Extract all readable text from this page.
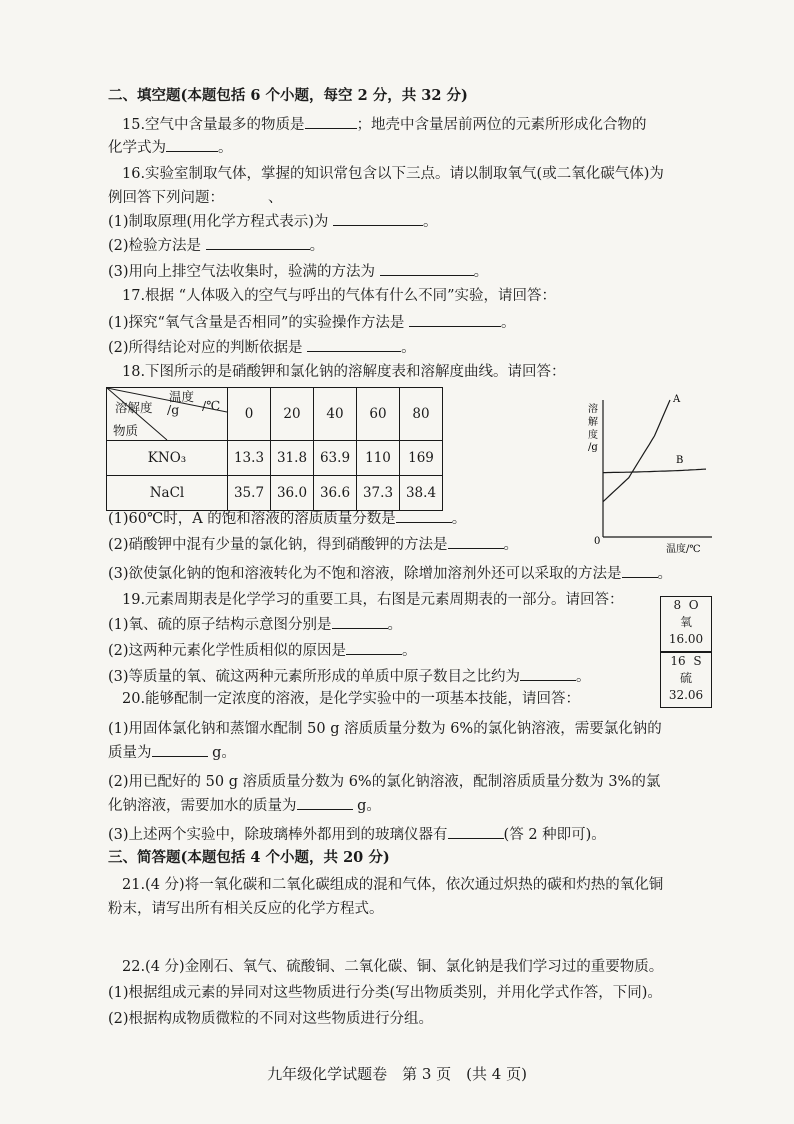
二、填空题(本题包括 6 个小题，每空 2 分，共 32 分)
15.空气中含量最多的物质是	；地壳中含量居前两位的元素所形成化合物的
化学式为	。
16.实验室制取气体，掌握的知识常包含以下三点。请以制取氧气(或二氧化碳气体)为
例回答下列问题：	、
(1)制取原理(用化学方程式表示)为	。
(2)检验方法是	。
(3)用向上排空气法收集时，验满的方法为	。
17.根据 “人体吸入的空气与呼出的气体有什么不同”实验，请回答：
(1)探究“氧气含量是否相同”的实验操作方法是	。
(2)所得结论对应的判断依据是	。
18.下图所示的是硝酸钾和氯化钠的溶解度表和溶解度曲线。请回答：
温度
/℃
溶解度 /g
物质	0	20	40	60	80
KNO₃	13.3	31.8	63.9	110	169
NaCl	35.7	36.0	36.6	37.3	38.4
溶
解
度
/g
0
温度/℃
A
B
(1)60℃时，A 的饱和溶液的溶质质量分数是	。
(2)硝酸钾中混有少量的氯化钠，得到硝酸钾的方法是	。
(3)欲使氯化钠的饱和溶液转化为不饱和溶液，除增加溶剂外还可以采取的方法是 。
19.元素周期表是化学学习的重要工具，右图是元素周期表的一部分。请回答：
(1)氧、硫的原子结构示意图分别是	。
(2)这两种元素化学性质相似的原因是	。
(3)等质量的氧、硫这两种元素所形成的单质中原子数目之比约为	。
8 O
氧
16.00
16 S
硫
32.06
20.能够配制一定浓度的溶液，是化学实验中的一项基本技能，请回答：
(1)用固体氯化钠和蒸馏水配制 50 g 溶质质量分数为 6%的氯化钠溶液，需要氯化钠的
质量为	g。
(2)用已配好的 50 g 溶质质量分数为 6%的氯化钠溶液，配制溶质质量分数为 3%的氯
化钠溶液，需要加水的质量为	g。
(3)上述两个实验中，除玻璃棒外都用到的玻璃仪器有	(答 2 种即可)。
三、简答题(本题包括 4 个小题，共 20 分)
21.(4 分)将一氧化碳和二氧化碳组成的混和气体，依次通过炽热的碳和灼热的氧化铜
粉末，请写出所有相关反应的化学方程式。
22.(4 分)金刚石、氧气、硫酸铜、二氧化碳、铜、氯化钠是我们学习过的重要物质。
(1)根据组成元素的异同对这些物质进行分类(写出物质类别，并用化学式作答，下同)。
(2)根据构成物质微粒的不同对这些物质进行分组。
九年级化学试题卷　第 3 页　(共 4 页)
